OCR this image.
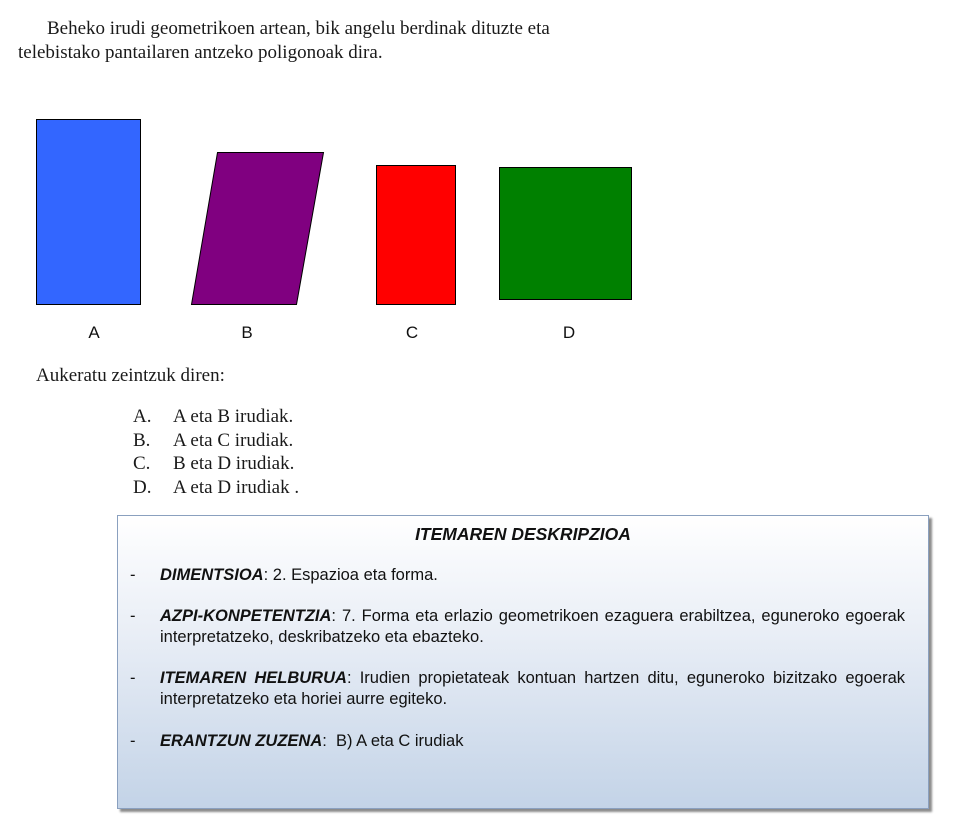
Beheko irudi geometrikoen artean, bik angelu berdinak dituzte eta
telebistako pantailaren antzeko poligonoak dira.
A	B	C	D
Aukeratu zeintzuk diren:
A.	A eta B irudiak.
B.	A eta C irudiak.
C.	B eta D irudiak.
D.	A eta D irudiak .
ITEMAREN DESKRIPZIOA
-	DIMENTSIOA: 2. Espazioa eta forma.
-	AZPI-KONPETENTZIA: 7. Forma eta erlazio geometrikoen ezaguera erabiltzea, eguneroko egoerak interpretatzeko, deskribatzeko eta ebazteko.
-	ITEMAREN HELBURUA: Irudien propietateak kontuan hartzen ditu, eguneroko bizitzako egoerak interpretatzeko eta horiei aurre egiteko.
-	ERANTZUN ZUZENA:  B) A eta C irudiak
